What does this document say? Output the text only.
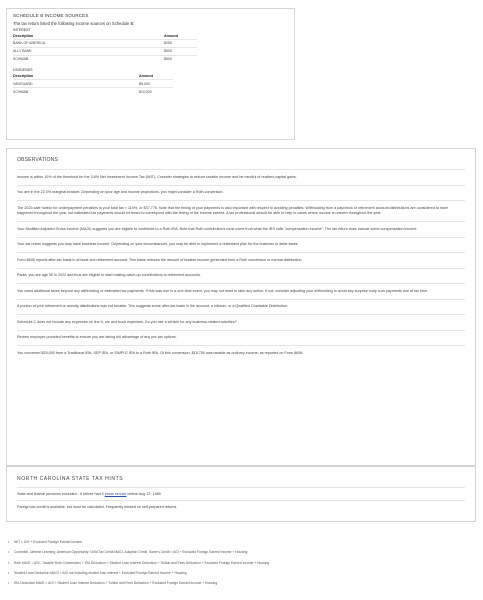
SCHEDULE B INCOME SOURCES
The tax return listed the following income sources on Schedule B:
INTEREST
Description	Amount
BANK OF AMERICA	$250
ALLY BANK	$500
SCHWAB	$500
DIVIDENDS
Description	Amount
VANGUARD	$5,000
SCHWAB	$10,000
OBSERVATIONS
Income is within 10% of the threshold for the 3.8% Net Investment Income Tax (NIIT). Consider strategies to reduce taxable income and be mindful of realized capital gains.
You are in the 22.0% marginal bracket. Depending on your age and income projections, you might consider a Roth conversion.
The 2023 safe harbor for underpayment penalties is your total tax × 110%, or $37,778. Note that the timing of your payments is also important with respect to avoiding penalties. Withholding from a paycheck or retirement account distributions are considered to have happened throughout the year, but estimated tax payments should be timed to correspond with the timing of the income earned. A tax professional should be able to help in cases where income is uneven throughout the year.
Your Modified Adjusted Gross Income (MAGI) suggests you are eligible to contribute to a Roth IRA. Note that Roth contributions must come from what the IRS calls "compensation income". The tax return does include some compensation income.
Your tax return suggests you may have business income. Depending on your circumstances, you may be able to implement a retirement plan for the business to defer taxes.
Form 8606 reports after-tax basis in at least one retirement account. This basis reduces the amount of taxable income generated from a Roth conversion or normal distribution.
Paula, you are age 50 in 2022 and thus are eligible to start making catch-up contributions to retirement accounts.
You owed additional taxes beyond any withholding or estimated tax payments. If this was due to a one-time event, you may not need to take any action. If not, consider adjusting your withholding to avoid any surprise lump sum payments due at tax time.
A portion of your retirement or annuity distributions was not taxable. This suggests some after-tax basis in the account, a rollover, or a Qualified Charitable Distribution.
Schedule C does not include any expenses on line 9, car and truck expenses. Do you use a vehicle for any business-related activities?
Review employer-provided benefits to ensure you are taking full advantage of any pre-tax options.
You converted $25,000 from a Traditional IRA, SEP IRA, or SIMPLE IRA to a Roth IRA. Of this conversion, $15,750 was taxable as ordinary income, as reported on Form 8606.
NORTH CAROLINA STATE TAX HINTS
State and federal pensions excluded - If retiree had 5 years service before Aug 12, 1989
Foreign tax credit is available, but must be calculated. Frequently missed on self-prepared returns.
• NIIT = AGI + Excluded Foreign Earned Income
• Coverdell, Lifetime Learning, American Opportunity, Child Tax Credit MAGI, Adoption Credit, Saver's Credit = AGI + Excluded Foreign Earned Income + Housing
• Roth MAGI = AGI - Taxable Roth Conversions + IRA Deduction + Student Loan Interest Deduction + Tuition and Fees Deduction + Excluded Foreign Earned Income + Housing
• Student Loan Deduction MAGI = AGI not including student loan interest + Excluded Foreign Earned Income + Housing
• IRA Deduction MAGI = AGI + Student Loan Interest Deduction + Tuition and Fees Deduction + Excluded Foreign Earned Income + Housing
